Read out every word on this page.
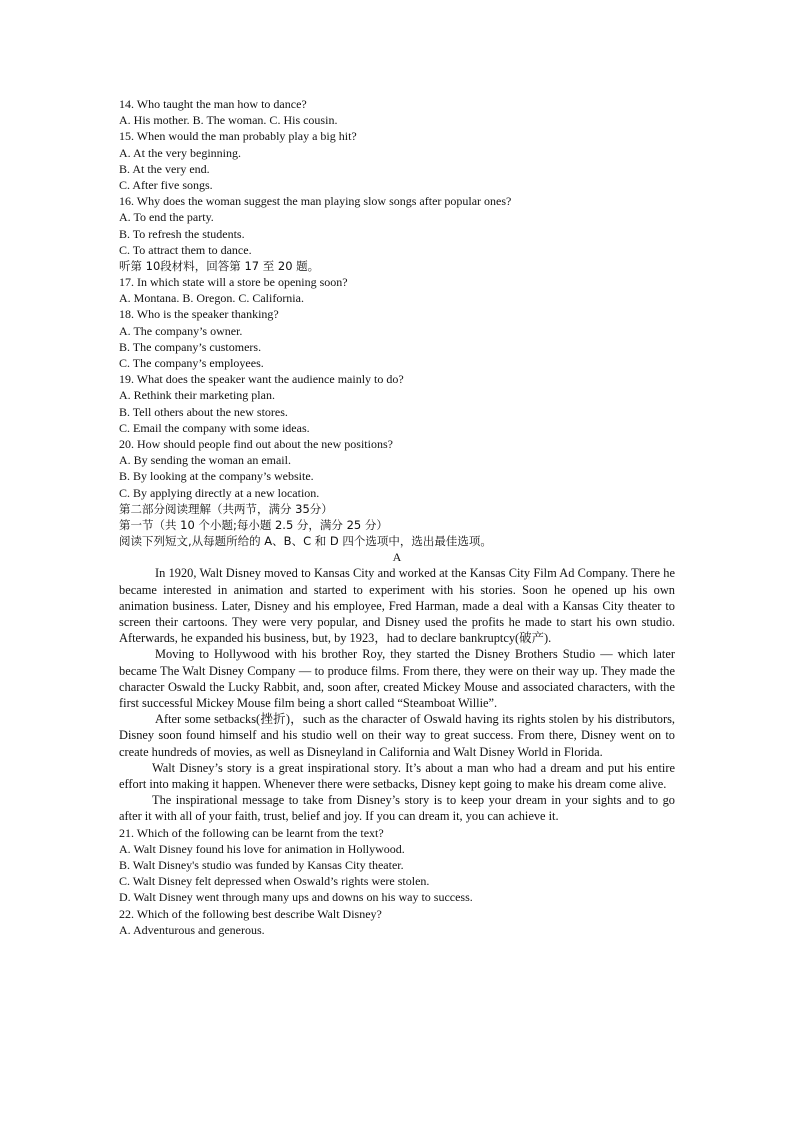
14. Who taught the man how to dance?
A. His mother. B. The woman. C. His cousin.
15. When would the man probably play a big hit?
A. At the very beginning.
B. At the very end.
C. After five songs.
16. Why does the woman suggest the man playing slow songs after popular ones?
A. To end the party.
B. To refresh the students.
C. To attract them to dance.
听第 10段材料，回答第 17 至 20 题。
17. In which state will a store be opening soon?
A. Montana. B. Oregon. C. California.
18. Who is the speaker thanking?
A. The company’s owner.
B. The company’s customers.
C. The company’s employees.
19. What does the speaker want the audience mainly to do?
A. Rethink their marketing plan.
B. Tell others about the new stores.
C. Email the company with some ideas.
20. How should people find out about the new positions?
A. By sending the woman an email.
B. By looking at the company’s website.
C. By applying directly at a new location.
第二部分阅读理解（共两节，满分 35分）
第一节（共 10 个小题;每小题 2.5 分，满分 25 分）
阅读下列短文,从每题所给的 A、B、C 和 D 四个选项中，选出最佳选项。
A

In 1920, Walt Disney moved to Kansas City and worked at the Kansas City Film Ad Company. There he became interested in animation and started to experiment with his stories. Soon he opened up his own animation business. Later, Disney and his employee, Fred Harman, made a deal with a Kansas City theater to screen their cartoons. They were very popular, and Disney used the profits he made to start his own studio. Afterwards, he expanded his business, but, by 1923，had to declare bankruptcy(破产).

Moving to Hollywood with his brother Roy, they started the Disney Brothers Studio — which later became The Walt Disney Company — to produce films. From there, they were on their way up. They made the character Oswald the Lucky Rabbit, and, soon after, created Mickey Mouse and associated characters, with the first successful Mickey Mouse film being a short called “Steamboat Willie”.

After some setbacks(挫折)，such as the character of Oswald having its rights stolen by his distributors, Disney soon found himself and his studio well on their way to great success. From there, Disney went on to create hundreds of movies, as well as Disneyland in California and Walt Disney World in Florida.

Walt Disney’s story is a great inspirational story. It’s about a man who had a dream and put his entire effort into making it happen. Whenever there were setbacks, Disney kept going to make his dream come alive.

The inspirational message to take from Disney’s story is to keep your dream in your sights and to go after it with all of your faith, trust, belief and joy. If you can dream it, you can achieve it.

21. Which of the following can be learnt from the text?
A. Walt Disney found his love for animation in Hollywood.
B. Walt Disney's studio was funded by Kansas City theater.
C. Walt Disney felt depressed when Oswald’s rights were stolen.
D. Walt Disney went through many ups and downs on his way to success.
22. Which of the following best describe Walt Disney?
A. Adventurous and generous.
